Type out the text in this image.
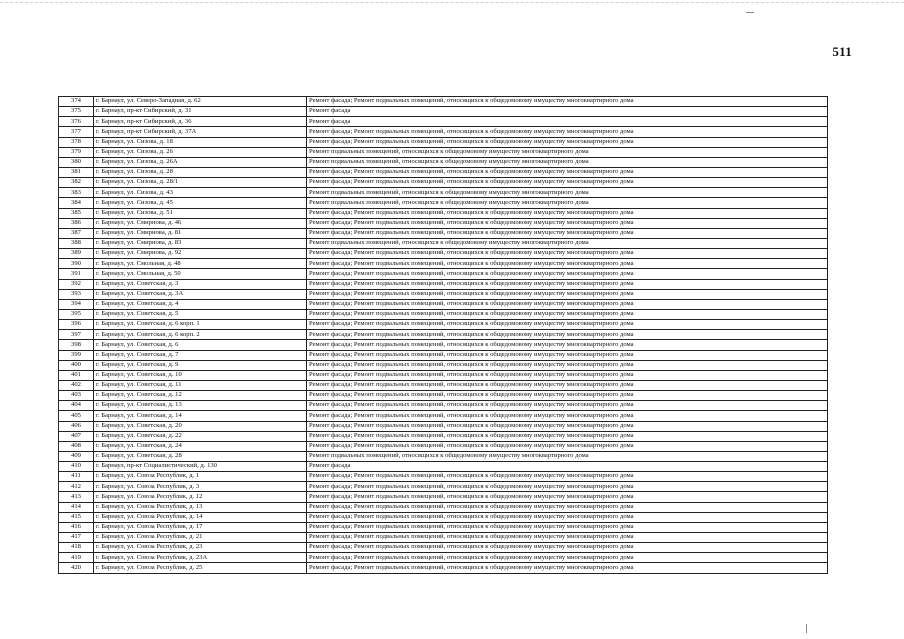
511
374	г. Барнаул, ул. Северо-Западная, д. 62	Ремонт фасада; Ремонт подвальных помещений, относящихся к общедомовому имуществу многоквартирного дома
375	г. Барнаул, пр-кт Сибирский, д. 31	Ремонт фасада
376	г. Барнаул, пр-кт Сибирский, д. 36	Ремонт фасада
377	г. Барнаул, пр-кт Сибирский, д. 37А	Ремонт фасада; Ремонт подвальных помещений, относящихся к общедомовому имуществу многоквартирного дома
378	г. Барнаул, ул. Сизова, д. 18	Ремонт фасада; Ремонт подвальных помещений, относящихся к общедомовому имуществу многоквартирного дома
379	г. Барнаул, ул. Сизова, д. 26	Ремонт подвальных помещений, относящихся к общедомовому имуществу многоквартирного дома
380	г. Барнаул, ул. Сизова, д. 26А	Ремонт подвальных помещений, относящихся к общедомовому имуществу многоквартирного дома
381	г. Барнаул, ул. Сизова, д. 28	Ремонт фасада; Ремонт подвальных помещений, относящихся к общедомовому имуществу многоквартирного дома
382	г. Барнаул, ул. Сизова, д. 28/1	Ремонт фасада; Ремонт подвальных помещений, относящихся к общедомовому имуществу многоквартирного дома
383	г. Барнаул, ул. Сизова, д. 43	Ремонт подвальных помещений, относящихся к общедомовому имуществу многоквартирного дома
384	г. Барнаул, ул. Сизова, д. 45	Ремонт подвальных помещений, относящихся к общедомовому имуществу многоквартирного дома
385	г. Барнаул, ул. Сизова, д. 51	Ремонт фасада; Ремонт подвальных помещений, относящихся к общедомовому имуществу многоквартирного дома
386	г. Барнаул, ул. Смирнова, д. 46	Ремонт фасада; Ремонт подвальных помещений, относящихся к общедомовому имуществу многоквартирного дома
387	г. Барнаул, ул. Смирнова, д. 81	Ремонт фасада; Ремонт подвальных помещений, относящихся к общедомовому имуществу многоквартирного дома
388	г. Барнаул, ул. Смирнова, д. 83	Ремонт подвальных помещений, относящихся к общедомовому имуществу многоквартирного дома
389	г. Барнаул, ул. Смирнова, д. 92	Ремонт фасада; Ремонт подвальных помещений, относящихся к общедомовому имуществу многоквартирного дома
390	г. Барнаул, ул. Смольная, д. 48	Ремонт фасада; Ремонт подвальных помещений, относящихся к общедомовому имуществу многоквартирного дома
391	г. Барнаул, ул. Смольная, д. 50	Ремонт фасада; Ремонт подвальных помещений, относящихся к общедомовому имуществу многоквартирного дома
392	г. Барнаул, ул. Советская, д. 3	Ремонт фасада; Ремонт подвальных помещений, относящихся к общедомовому имуществу многоквартирного дома
393	г. Барнаул, ул. Советская, д. 3А	Ремонт фасада; Ремонт подвальных помещений, относящихся к общедомовому имуществу многоквартирного дома
394	г. Барнаул, ул. Советская, д. 4	Ремонт фасада; Ремонт подвальных помещений, относящихся к общедомовому имуществу многоквартирного дома
395	г. Барнаул, ул. Советская, д. 5	Ремонт фасада; Ремонт подвальных помещений, относящихся к общедомовому имуществу многоквартирного дома
396	г. Барнаул, ул. Советская, д. 6 корп. 1	Ремонт фасада; Ремонт подвальных помещений, относящихся к общедомовому имуществу многоквартирного дома
397	г. Барнаул, ул. Советская, д. 6 корп. 2	Ремонт фасада; Ремонт подвальных помещений, относящихся к общедомовому имуществу многоквартирного дома
398	г. Барнаул, ул. Советская, д. 6	Ремонт фасада; Ремонт подвальных помещений, относящихся к общедомовому имуществу многоквартирного дома
399	г. Барнаул, ул. Советская, д. 7	Ремонт фасада; Ремонт подвальных помещений, относящихся к общедомовому имуществу многоквартирного дома
400	г. Барнаул, ул. Советская, д. 9	Ремонт фасада; Ремонт подвальных помещений, относящихся к общедомовому имуществу многоквартирного дома
401	г. Барнаул, ул. Советская, д. 10	Ремонт фасада; Ремонт подвальных помещений, относящихся к общедомовому имуществу многоквартирного дома
402	г. Барнаул, ул. Советская, д. 11	Ремонт фасада; Ремонт подвальных помещений, относящихся к общедомовому имуществу многоквартирного дома
403	г. Барнаул, ул. Советская, д. 12	Ремонт фасада; Ремонт подвальных помещений, относящихся к общедомовому имуществу многоквартирного дома
404	г. Барнаул, ул. Советская, д. 13	Ремонт фасада; Ремонт подвальных помещений, относящихся к общедомовому имуществу многоквартирного дома
405	г. Барнаул, ул. Советская, д. 14	Ремонт фасада; Ремонт подвальных помещений, относящихся к общедомовому имуществу многоквартирного дома
406	г. Барнаул, ул. Советская, д. 20	Ремонт фасада; Ремонт подвальных помещений, относящихся к общедомовому имуществу многоквартирного дома
407	г. Барнаул, ул. Советская, д. 22	Ремонт фасада; Ремонт подвальных помещений, относящихся к общедомовому имуществу многоквартирного дома
408	г. Барнаул, ул. Советская, д. 24	Ремонт фасада; Ремонт подвальных помещений, относящихся к общедомовому имуществу многоквартирного дома
409	г. Барнаул, ул. Советская, д. 28	Ремонт подвальных помещений, относящихся к общедомовому имуществу многоквартирного дома
410	г. Барнаул, пр-кт Социалистический, д. 130	Ремонт фасада
411	г. Барнаул, ул. Союза Республик, д. 1	Ремонт фасада; Ремонт подвальных помещений, относящихся к общедомовому имуществу многоквартирного дома
412	г. Барнаул, ул. Союза Республик, д. 3	Ремонт фасада; Ремонт подвальных помещений, относящихся к общедомовому имуществу многоквартирного дома
413	г. Барнаул, ул. Союза Республик, д. 12	Ремонт фасада; Ремонт подвальных помещений, относящихся к общедомовому имуществу многоквартирного дома
414	г. Барнаул, ул. Союза Республик, д. 13	Ремонт фасада; Ремонт подвальных помещений, относящихся к общедомовому имуществу многоквартирного дома
415	г. Барнаул, ул. Союза Республик, д. 14	Ремонт фасада; Ремонт подвальных помещений, относящихся к общедомовому имуществу многоквартирного дома
416	г. Барнаул, ул. Союза Республик, д. 17	Ремонт фасада; Ремонт подвальных помещений, относящихся к общедомовому имуществу многоквартирного дома
417	г. Барнаул, ул. Союза Республик, д. 21	Ремонт фасада; Ремонт подвальных помещений, относящихся к общедомовому имуществу многоквартирного дома
418	г. Барнаул, ул. Союза Республик, д. 23	Ремонт фасада; Ремонт подвальных помещений, относящихся к общедомовому имуществу многоквартирного дома
419	г. Барнаул, ул. Союза Республик, д. 23А	Ремонт фасада; Ремонт подвальных помещений, относящихся к общедомовому имуществу многоквартирного дома
420	г. Барнаул, ул. Союза Республик, д. 25	Ремонт фасада; Ремонт подвальных помещений, относящихся к общедомовому имуществу многоквартирного дома
